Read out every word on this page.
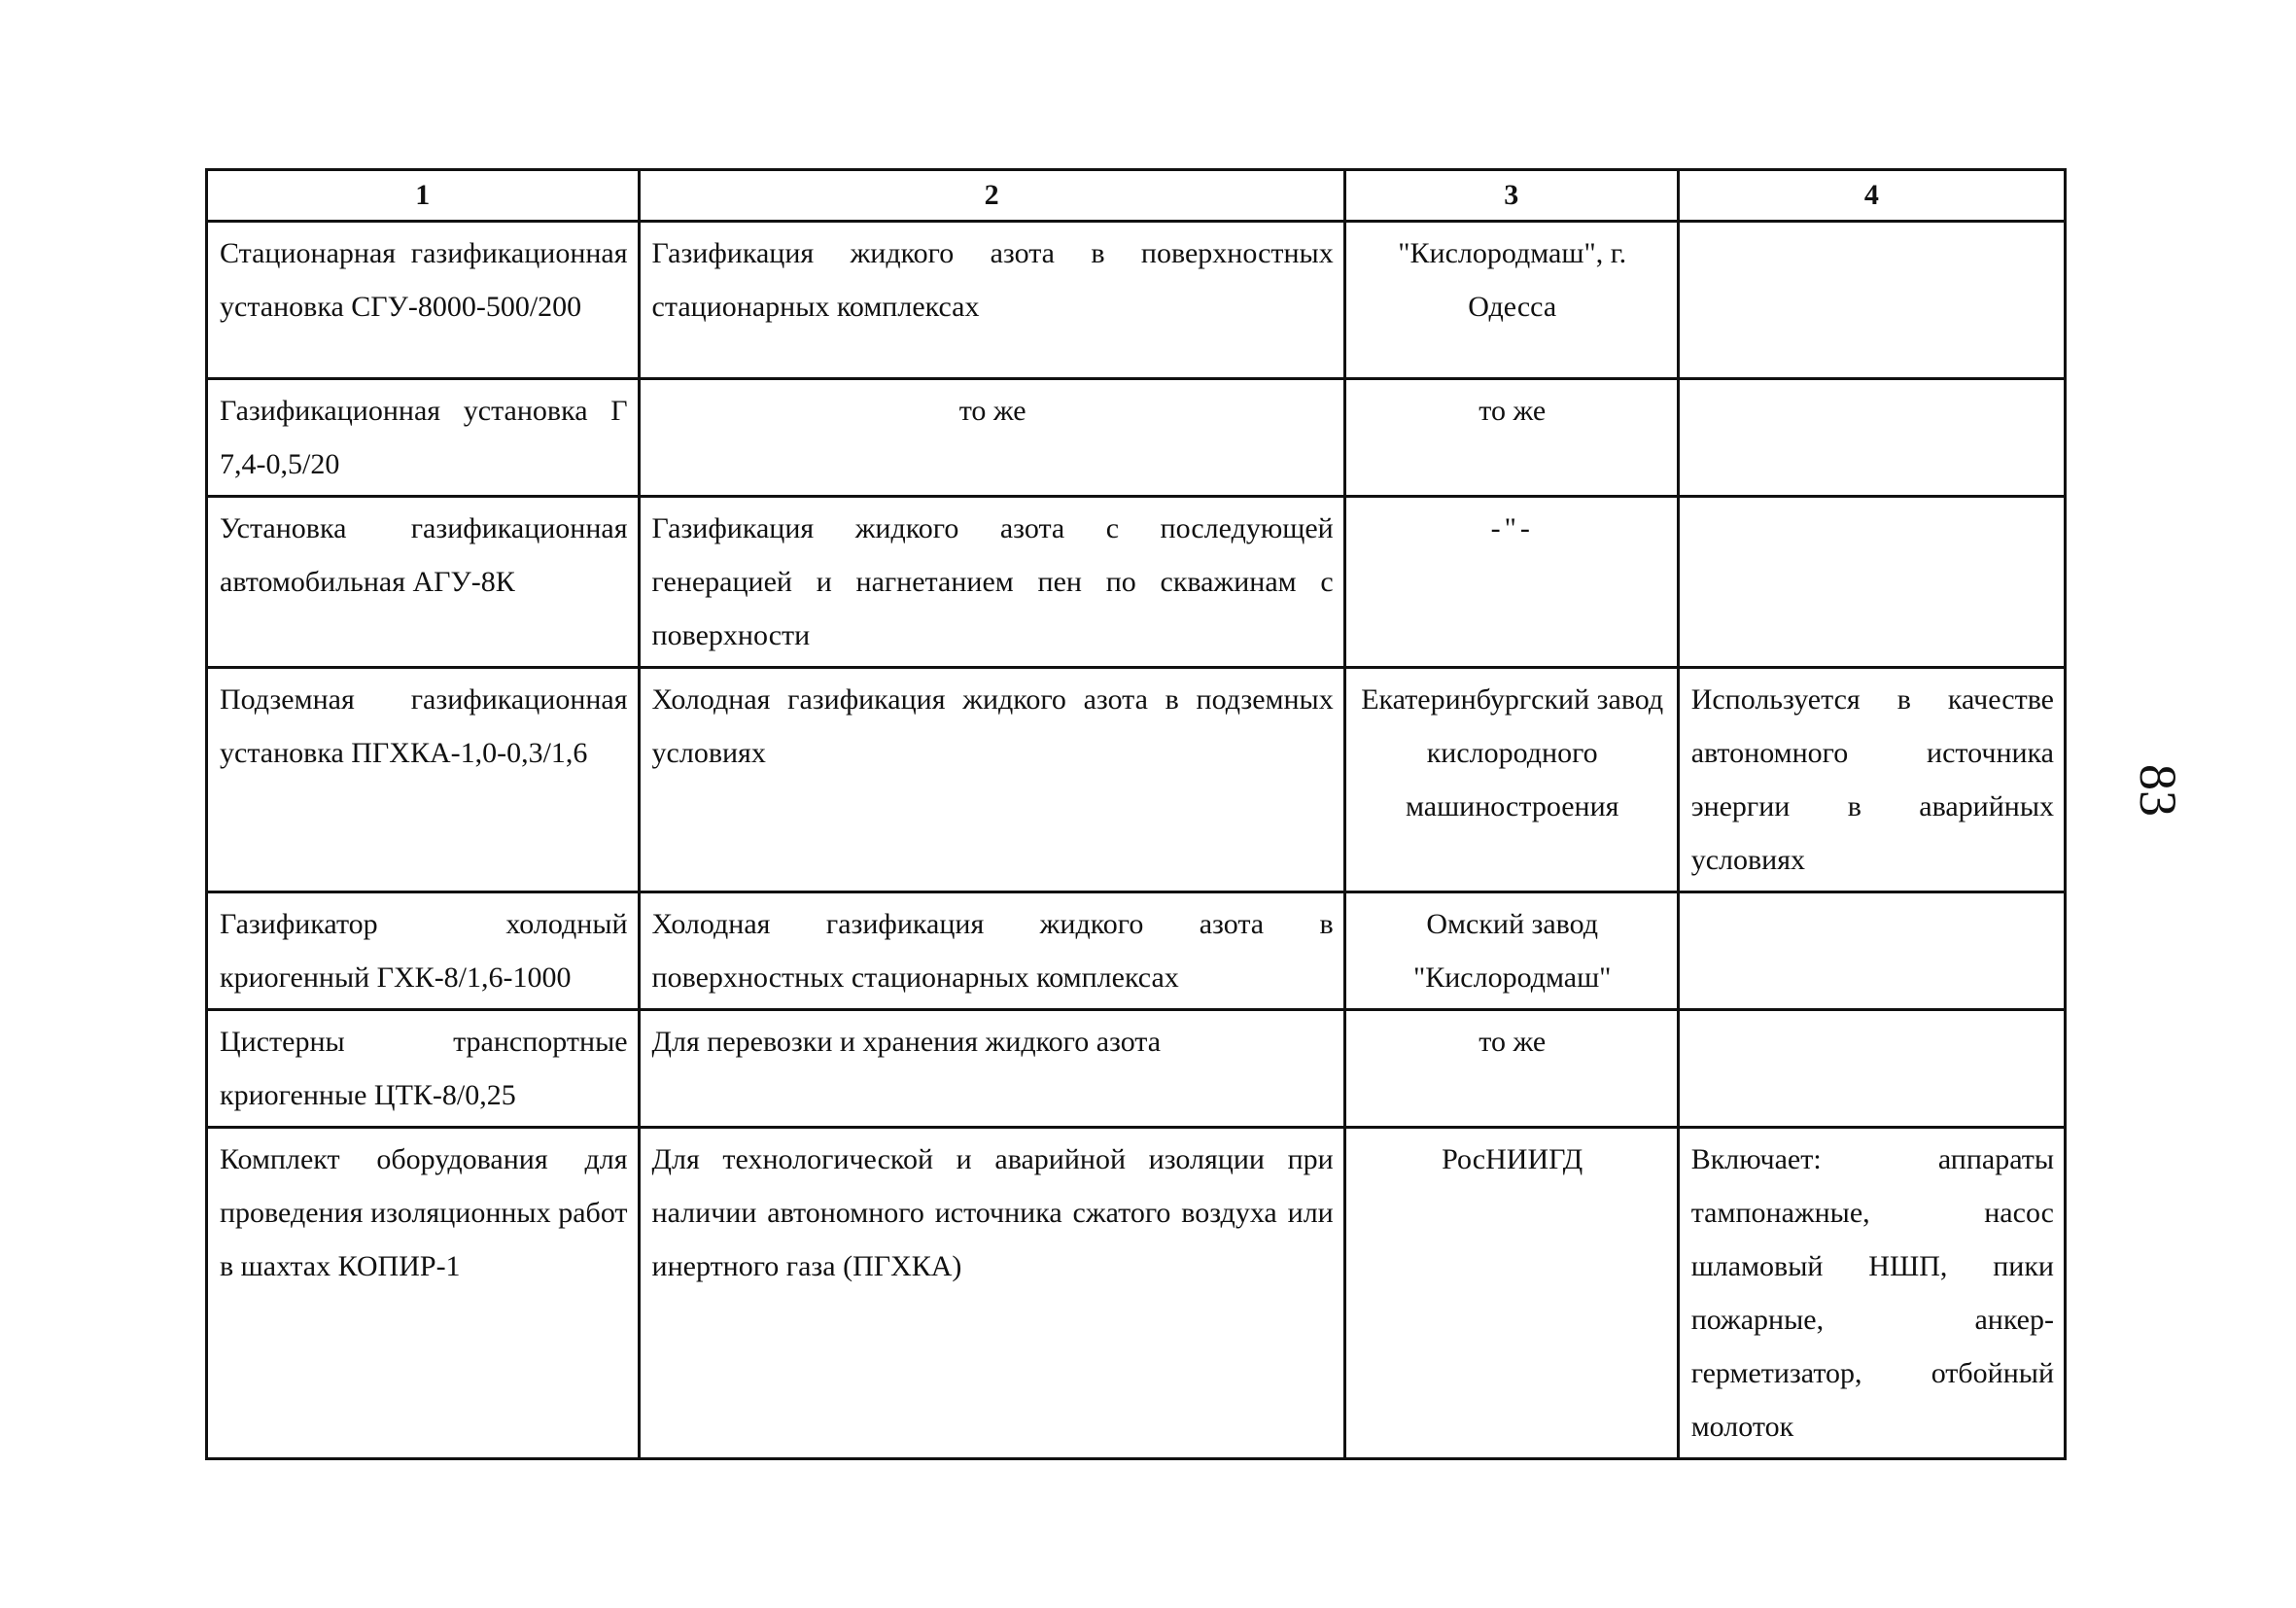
1	2	3	4
Стационарная газификационная установка СГУ-8000-500/200	Газификация жидкого азота в поверхностных стационарных комплексах	"Кислородмаш", г. Одесса	
Газификационная установка Г 7,4-0,5/20	то же	то же	
Установка газификационная автомобильная АГУ-8К	Газификация жидкого азота с последующей генерацией и нагнетанием пен по скважинам с поверхности	-"-	
Подземная газификационная установка ПГХКА-1,0-0,3/1,6	Холодная газификация жидкого азота в подземных условиях	Екатеринбургский завод кислородного машиностроения	Используется в качестве автономного источника энергии в аварийных условиях
Газификатор холодный криогенный ГХК-8/1,6-1000	Холодная газификация жидкого азота в поверхностных стационарных комплексах	Омский завод "Кислородмаш"	
Цистерны транспортные криогенные ЦТК-8/0,25	Для перевозки и хранения жидкого азота	то же	
Комплект оборудования для проведения изоляционных работ в шахтах КОПИР-1	Для технологической и аварийной изоляции при наличии автономного источника сжатого воздуха или инертного газа (ПГХКА)	РосНИИГД	Включает: аппараты тампонажные, насос шламовый НШП, пики пожарные, анкер-герметизатор, отбойный молоток
83
